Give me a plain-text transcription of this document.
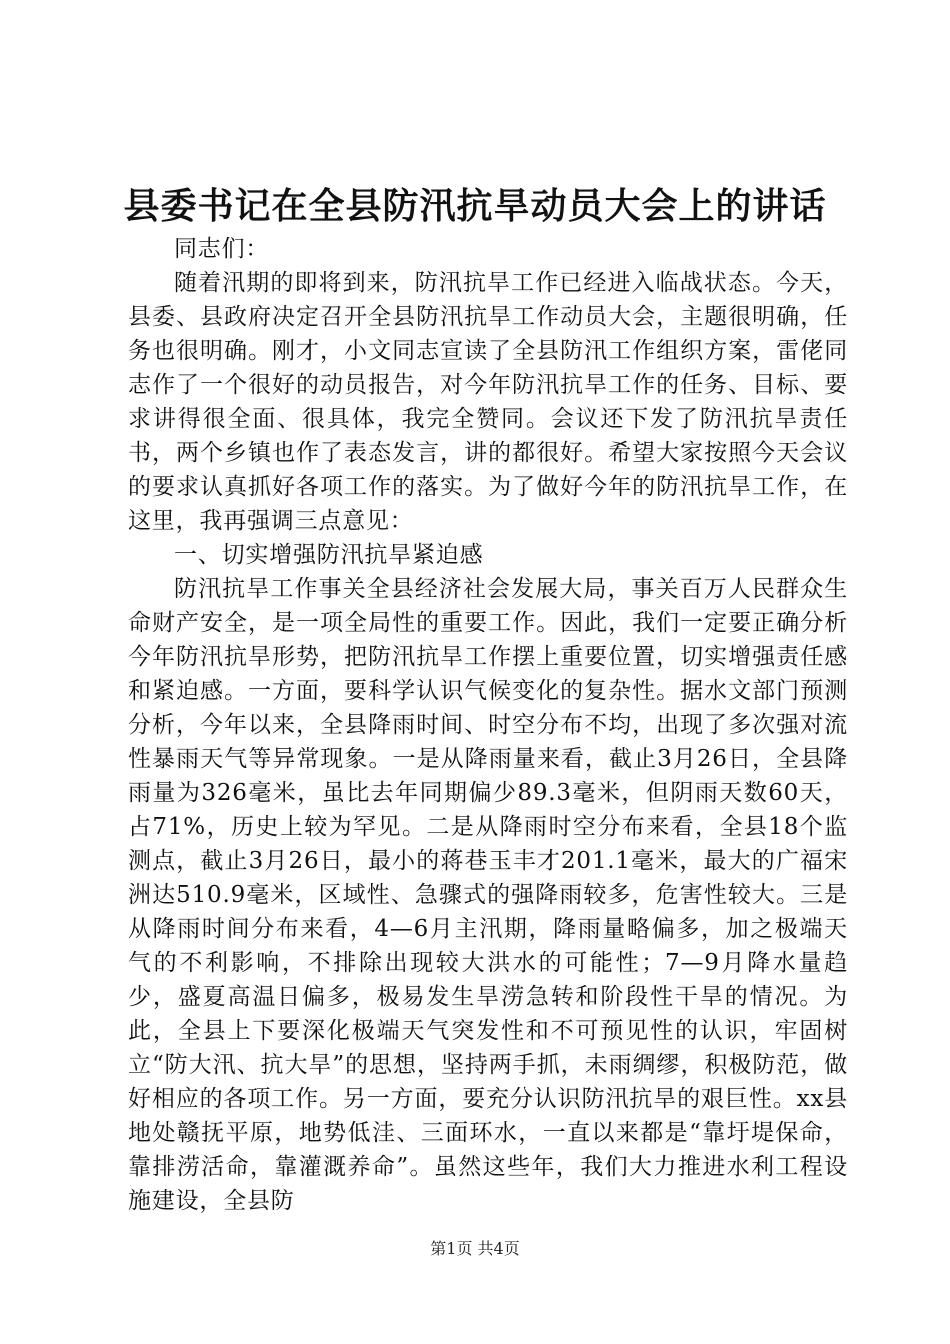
县委书记在全县防汛抗旱动员大会上的讲话

同志们：

随着汛期的即将到来，防汛抗旱工作已经进入临战状态。今天，县委、县政府决定召开全县防汛抗旱工作动员大会，主题很明确，任务也很明确。刚才，小文同志宣读了全县防汛工作组织方案，雷佬同志作了一个很好的动员报告，对今年防汛抗旱工作的任务、目标、要求讲得很全面、很具体，我完全赞同。会议还下发了防汛抗旱责任书，两个乡镇也作了表态发言，讲的都很好。希望大家按照今天会议的要求认真抓好各项工作的落实。为了做好今年的防汛抗旱工作，在这里，我再强调三点意见：

一、切实增强防汛抗旱紧迫感

防汛抗旱工作事关全县经济社会发展大局，事关百万人民群众生命财产安全，是一项全局性的重要工作。因此，我们一定要正确分析今年防汛抗旱形势，把防汛抗旱工作摆上重要位置，切实增强责任感和紧迫感。一方面，要科学认识气候变化的复杂性。据水文部门预测分析，今年以来，全县降雨时间、时空分布不均，出现了多次强对流性暴雨天气等异常现象。一是从降雨量来看，截止3月26日，全县降雨量为326毫米，虽比去年同期偏少89.3毫米，但阴雨天数60天，占71%，历史上较为罕见。二是从降雨时空分布来看，全县18个监测点，截止3月26日，最小的蒋巷玉丰才201.1毫米，最大的广福宋洲达510.9毫米，区域性、急骤式的强降雨较多，危害性较大。三是从降雨时间分布来看，4—6月主汛期，降雨量略偏多，加之极端天气的不利影响，不排除出现较大洪水的可能性；7—9月降水量趋少，盛夏高温日偏多，极易发生旱涝急转和阶段性干旱的情况。为此，全县上下要深化极端天气突发性和不可预见性的认识，牢固树立“防大汛、抗大旱”的思想，坚持两手抓，未雨绸缪，积极防范，做好相应的各项工作。另一方面，要充分认识防汛抗旱的艰巨性。xx县地处赣抚平原，地势低洼、三面环水，一直以来都是“靠圩堤保命，靠排涝活命，靠灌溉养命”。虽然这些年，我们大力推进水利工程设施建设，全县防

第1页 共4页
